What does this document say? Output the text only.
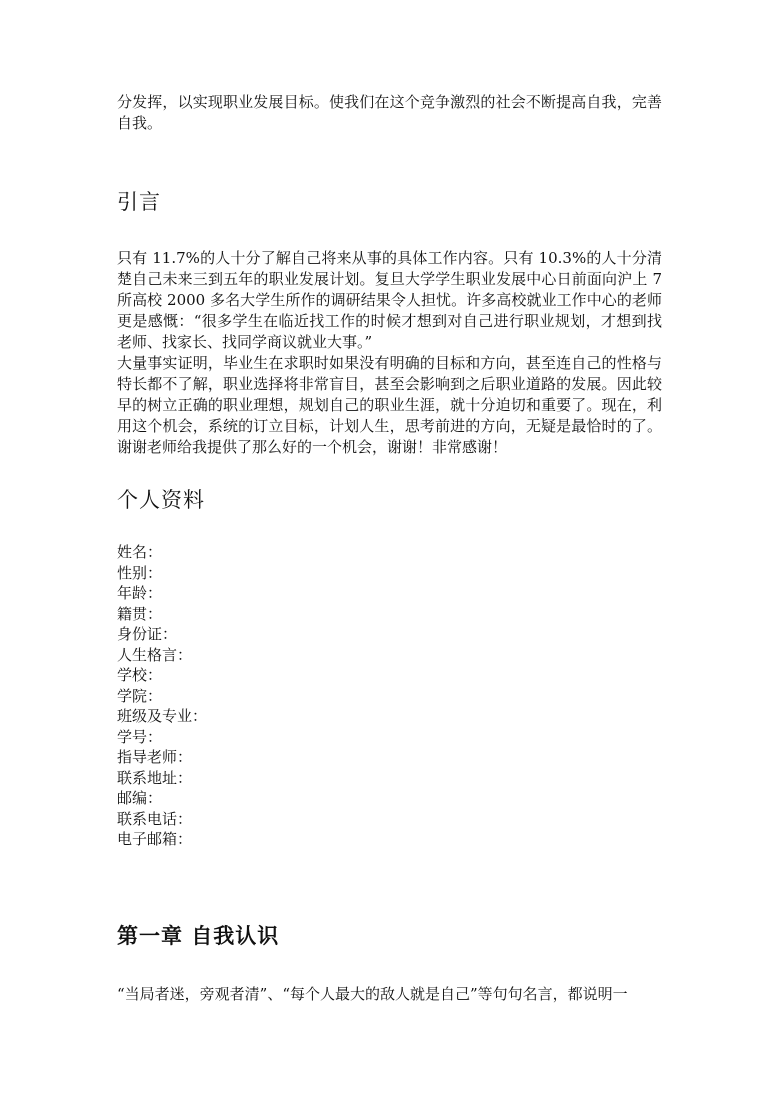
分发挥，以实现职业发展目标。使我们在这个竞争激烈的社会不断提高自我，完善自我。

引言

只有 11.7%的人十分了解自己将来从事的具体工作内容。只有 10.3%的人十分清楚自己未来三到五年的职业发展计划。复旦大学学生职业发展中心日前面向沪上 7 所高校 2000 多名大学生所作的调研结果令人担忧。许多高校就业工作中心的老师更是感慨：“很多学生在临近找工作的时候才想到对自己进行职业规划，才想到找老师、找家长、找同学商议就业大事。”

大量事实证明，毕业生在求职时如果没有明确的目标和方向，甚至连自己的性格与特长都不了解，职业选择将非常盲目，甚至会影响到之后职业道路的发展。因此较早的树立正确的职业理想，规划自己的职业生涯，就十分迫切和重要了。现在，利用这个机会，系统的订立目标，计划人生，思考前进的方向，无疑是最恰时的了。谢谢老师给我提供了那么好的一个机会，谢谢！非常感谢！

个人资料

姓名：

性别：

年龄：

籍贯：

身份证：

人生格言：

学校：

学院：

班级及专业：

学号：

指导老师：

联系地址：

邮编：

联系电话：

电子邮箱：

第一章 自我认识

“当局者迷，旁观者清”、“每个人最大的敌人就是自己”等句句名言，都说明一
